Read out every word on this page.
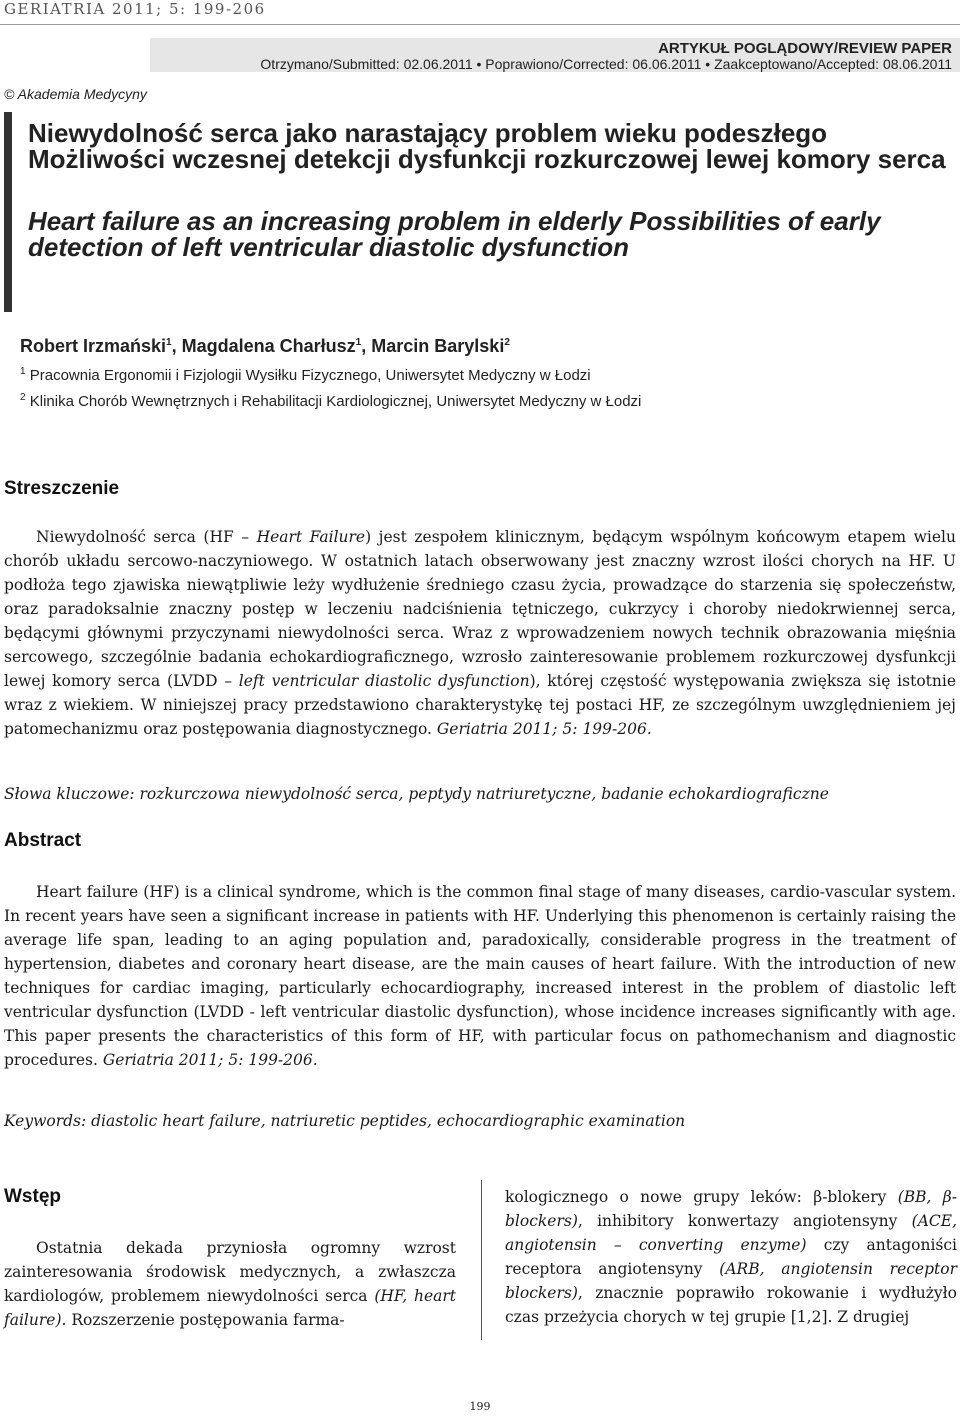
GERIATRIA 2011; 5: 199-206
ARTYKUŁ POGLĄDOWY/REVIEW PAPER
Otrzymano/Submitted: 02.06.2011 • Poprawiono/Corrected: 06.06.2011 • Zaakceptowano/Accepted: 08.06.2011
© Akademia Medycyny
Niewydolność serca jako narastający problem wieku podeszłego Możliwości wczesnej detekcji dysfunkcji rozkurczowej lewej komory serca
Heart failure as an increasing problem in elderly Possibilities of early detection of left ventricular diastolic dysfunction
Robert Irzmański$^1$, Magdalena Charłusz$^1$, Marcin Barylski$^2$
$^1$ Pracownia Ergonomii i Fizjologii Wysiłku Fizycznego, Uniwersytet Medyczny w Łodzi
$^2$ Klinika Chorób Wewnętrznych i Rehabilitacji Kardiologicznej, Uniwersytet Medyczny w Łodzi
Streszczenie
Niewydolność serca (HF – Heart Failure) jest zespołem klinicznym, będącym wspólnym końcowym etapem wielu chorób układu sercowo-naczyniowego. W ostatnich latach obserwowany jest znaczny wzrost ilości chorych na HF. U podłoża tego zjawiska niewątpliwie leży wydłużenie średniego czasu życia, prowadzące do starzenia się społeczeństw, oraz paradoksalnie znaczny postęp w leczeniu nadciśnienia tętniczego, cukrzycy i choroby niedokrwiennej serca, będącymi głównymi przyczynami niewydolności serca. Wraz z wprowadzeniem nowych technik obrazowania mięśnia sercowego, szczególnie badania echokardiograficznego, wzrosło zainteresowanie problemem rozkurczowej dysfunkcji lewej komory serca (LVDD – left ventricular diastolic dysfunction), której częstość występowania zwiększa się istotnie wraz z wiekiem. W niniejszej pracy przedstawiono charakterystykę tej postaci HF, ze szczególnym uwzględnieniem jej patomechanizmu oraz postępowania diagnostycznego. Geriatria 2011; 5: 199-206.
Słowa kluczowe: rozkurczowa niewydolność serca, peptydy natriuretyczne, badanie echokardiograficzne
Abstract
Heart failure (HF) is a clinical syndrome, which is the common final stage of many diseases, cardio-vascular system. In recent years have seen a significant increase in patients with HF. Underlying this phenomenon is certainly raising the average life span, leading to an aging population and, paradoxically, considerable progress in the treatment of hypertension, diabetes and coronary heart disease, are the main causes of heart failure. With the introduction of new techniques for cardiac imaging, particularly echocardiography, increased interest in the problem of diastolic left ventricular dysfunction (LVDD - left ventricular diastolic dysfunction), whose incidence increases significantly with age. This paper presents the characteristics of this form of HF, with particular focus on pathomechanism and diagnostic procedures. Geriatria 2011; 5: 199-206.
Keywords: diastolic heart failure, natriuretic peptides, echocardiographic examination
Wstęp
Ostatnia dekada przyniosła ogromny wzrost zainteresowania środowisk medycznych, a zwłaszcza kardiologów, problemem niewydolności serca (HF, heart failure). Rozszerzenie postępowania farma-
kologicznego o nowe grupy leków: β-blokery (BB, β-blockers), inhibitory konwertazy angiotensyny (ACE, angiotensin – converting enzyme) czy antagoniści receptora angiotensyny (ARB, angiotensin receptor blockers), znacznie poprawiło rokowanie i wydłużyło czas przeżycia chorych w tej grupie [1,2]. Z drugiej
199
